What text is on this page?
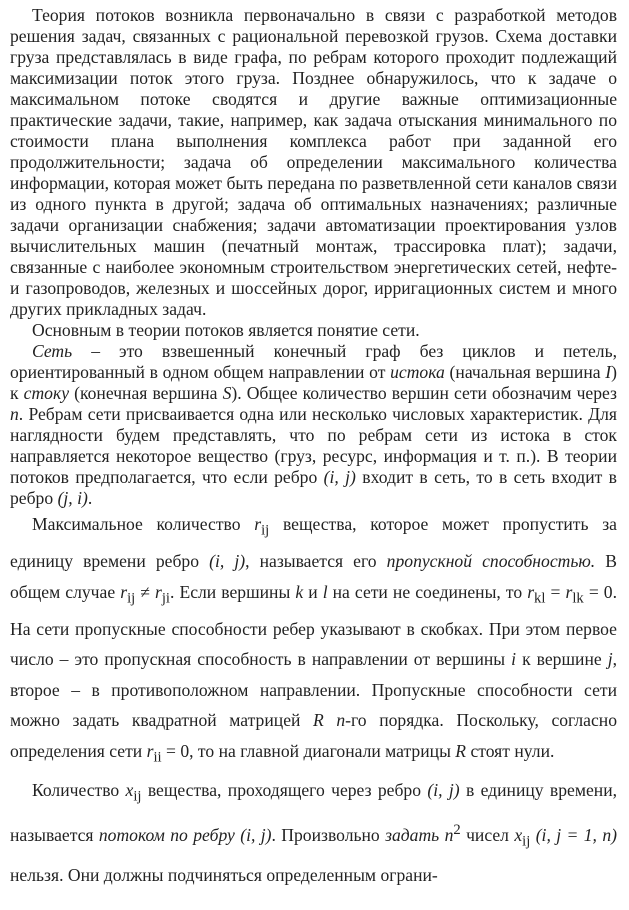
Теория потоков возникла первоначально в связи с разработкой методов решения задач, связанных с рациональной перевозкой грузов. Схема доставки груза представлялась в виде графа, по ребрам которого проходит подлежащий максимизации поток этого груза. Позднее обнаружилось, что к задаче о максимальном потоке сводятся и другие важные оптимизационные практические задачи, такие, например, как задача отыскания минимального по стоимости плана выполнения комплекса работ при заданной его продолжительности; задача об определении максимального количества информации, которая может быть передана по разветвленной сети каналов связи из одного пункта в другой; задача об оптимальных назначениях; различные задачи организации снабжения; задачи автоматизации проектирования узлов вычислительных машин (печатный монтаж, трассировка плат); задачи, связанные с наиболее экономным строительством энергетических сетей, нефте- и газопроводов, железных и шоссейных дорог, ирригационных систем и много других прикладных задач.

Основным в теории потоков является понятие сети.

Сеть – это взвешенный конечный граф без циклов и петель, ориентированный в одном общем направлении от истока (начальная вершина I) к стоку (конечная вершина S). Общее количество вершин сети обозначим через n. Ребрам сети присваивается одна или несколько числовых характеристик. Для наглядности будем представлять, что по ребрам сети из истока в сток направляется некоторое вещество (груз, ресурс, информация и т. п.). В теории потоков предполагается, что если ребро (i, j) входит в сеть, то в сеть входит в ребро (j, i).

Максимальное количество $r_{ij}$ вещества, которое может пропустить за единицу времени ребро (i, j), называется его пропускной способностью. В общем случае $r_{ij} \ne r_{ji}$. Если вершины k и l на сети не соединены, то $r_{kl} = r_{lk} = 0$. На сети пропускные способности ребер указывают в скобках. При этом первое число – это пропускная способность в направлении от вершины i к вершине j, второе – в противоположном направлении. Пропускные способности сети можно задать квадратной матрицей R n-го порядка. Поскольку, согласно определения сети $r_{ii} = 0$, то на главной диагонали матрицы R стоят нули.

Количество $x_{ij}$ вещества, проходящего через ребро (i, j) в единицу времени, называется потоком по ребру (i, j). Произвольно задать $n^2$ чисел $x_{ij}$ (i, j = 1, n) нельзя. Они должны подчиняться определенным ограни-
